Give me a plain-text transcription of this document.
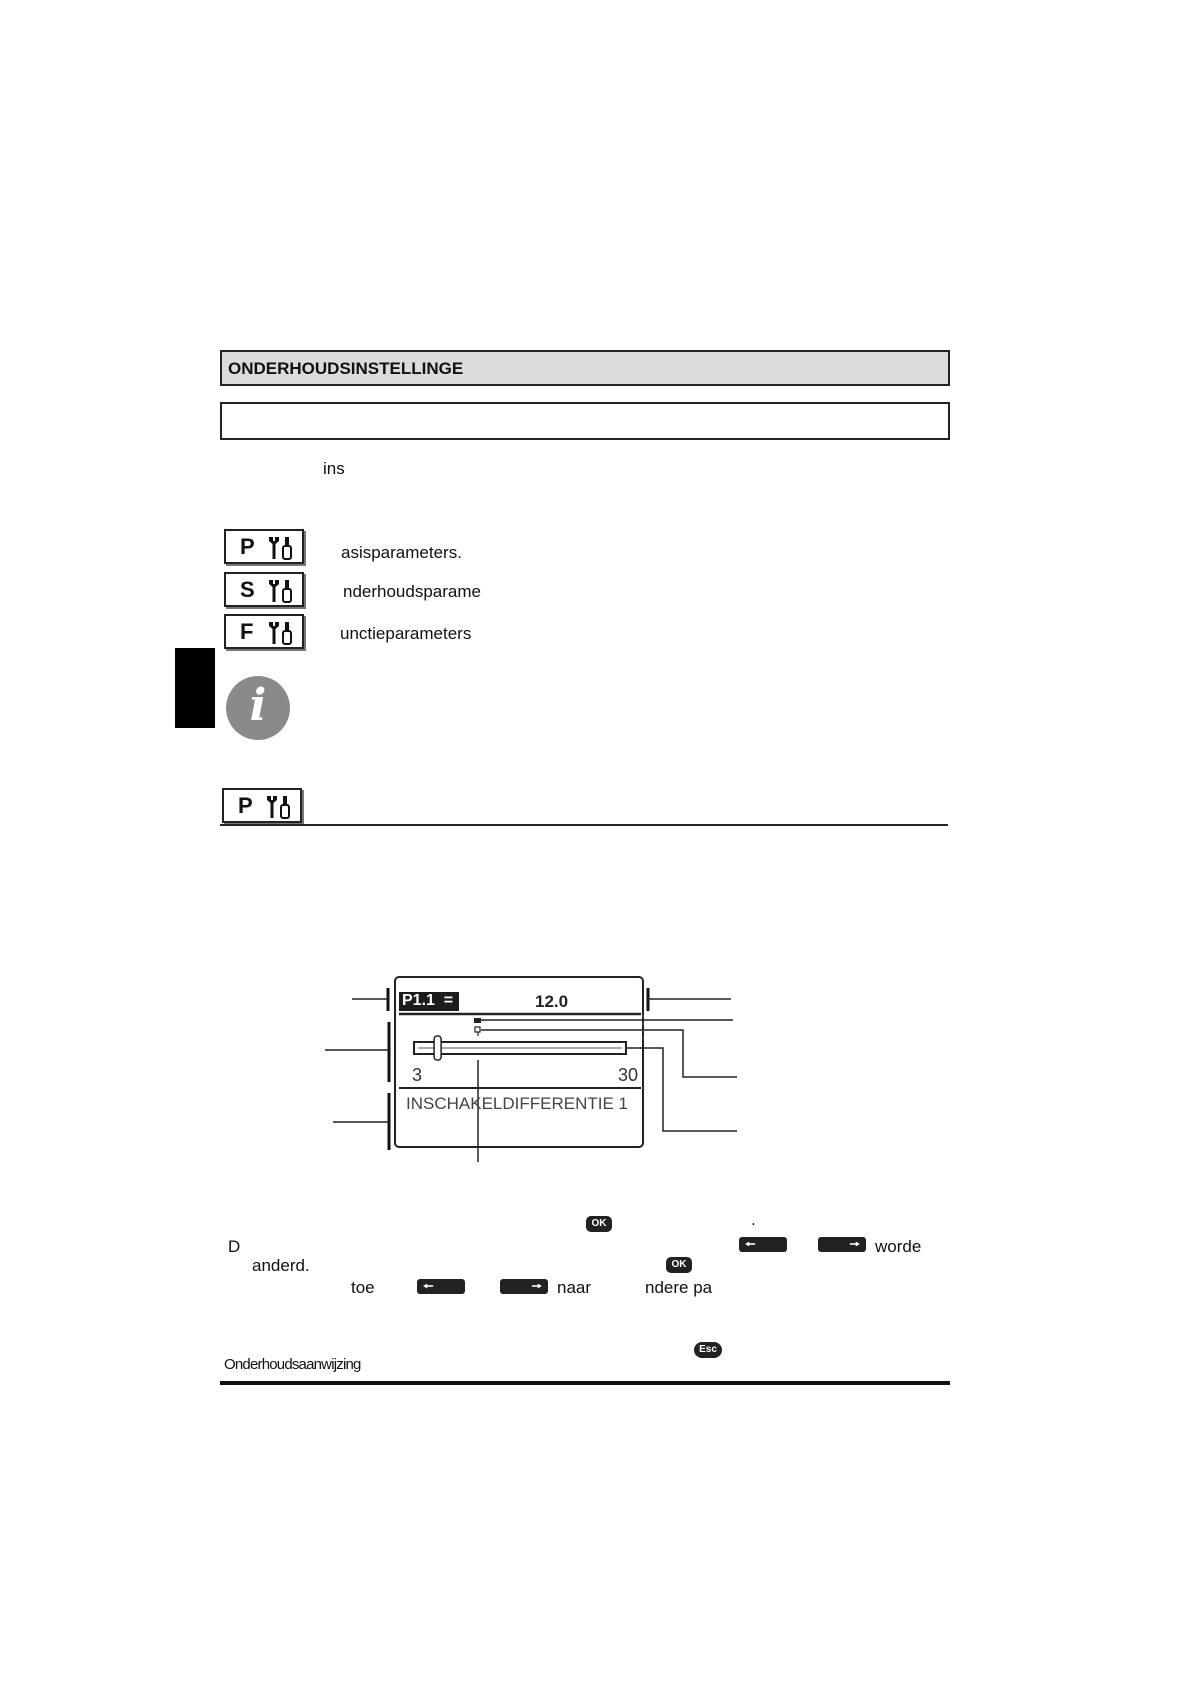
ONDERHOUDSINSTELLINGE
ins
P	asisparameters.
S	nderhoudsparame
F	unctieparameters
i
P
P1.1  =	12.0
3	30
INSCHAKELDIFFERENTIE 1
OK	.
D	🠔	🠖 worde
anderd.	OK
toe	🠔	🠖 naar	ndere pa
Esc
Onderhoudsaanwijzing
